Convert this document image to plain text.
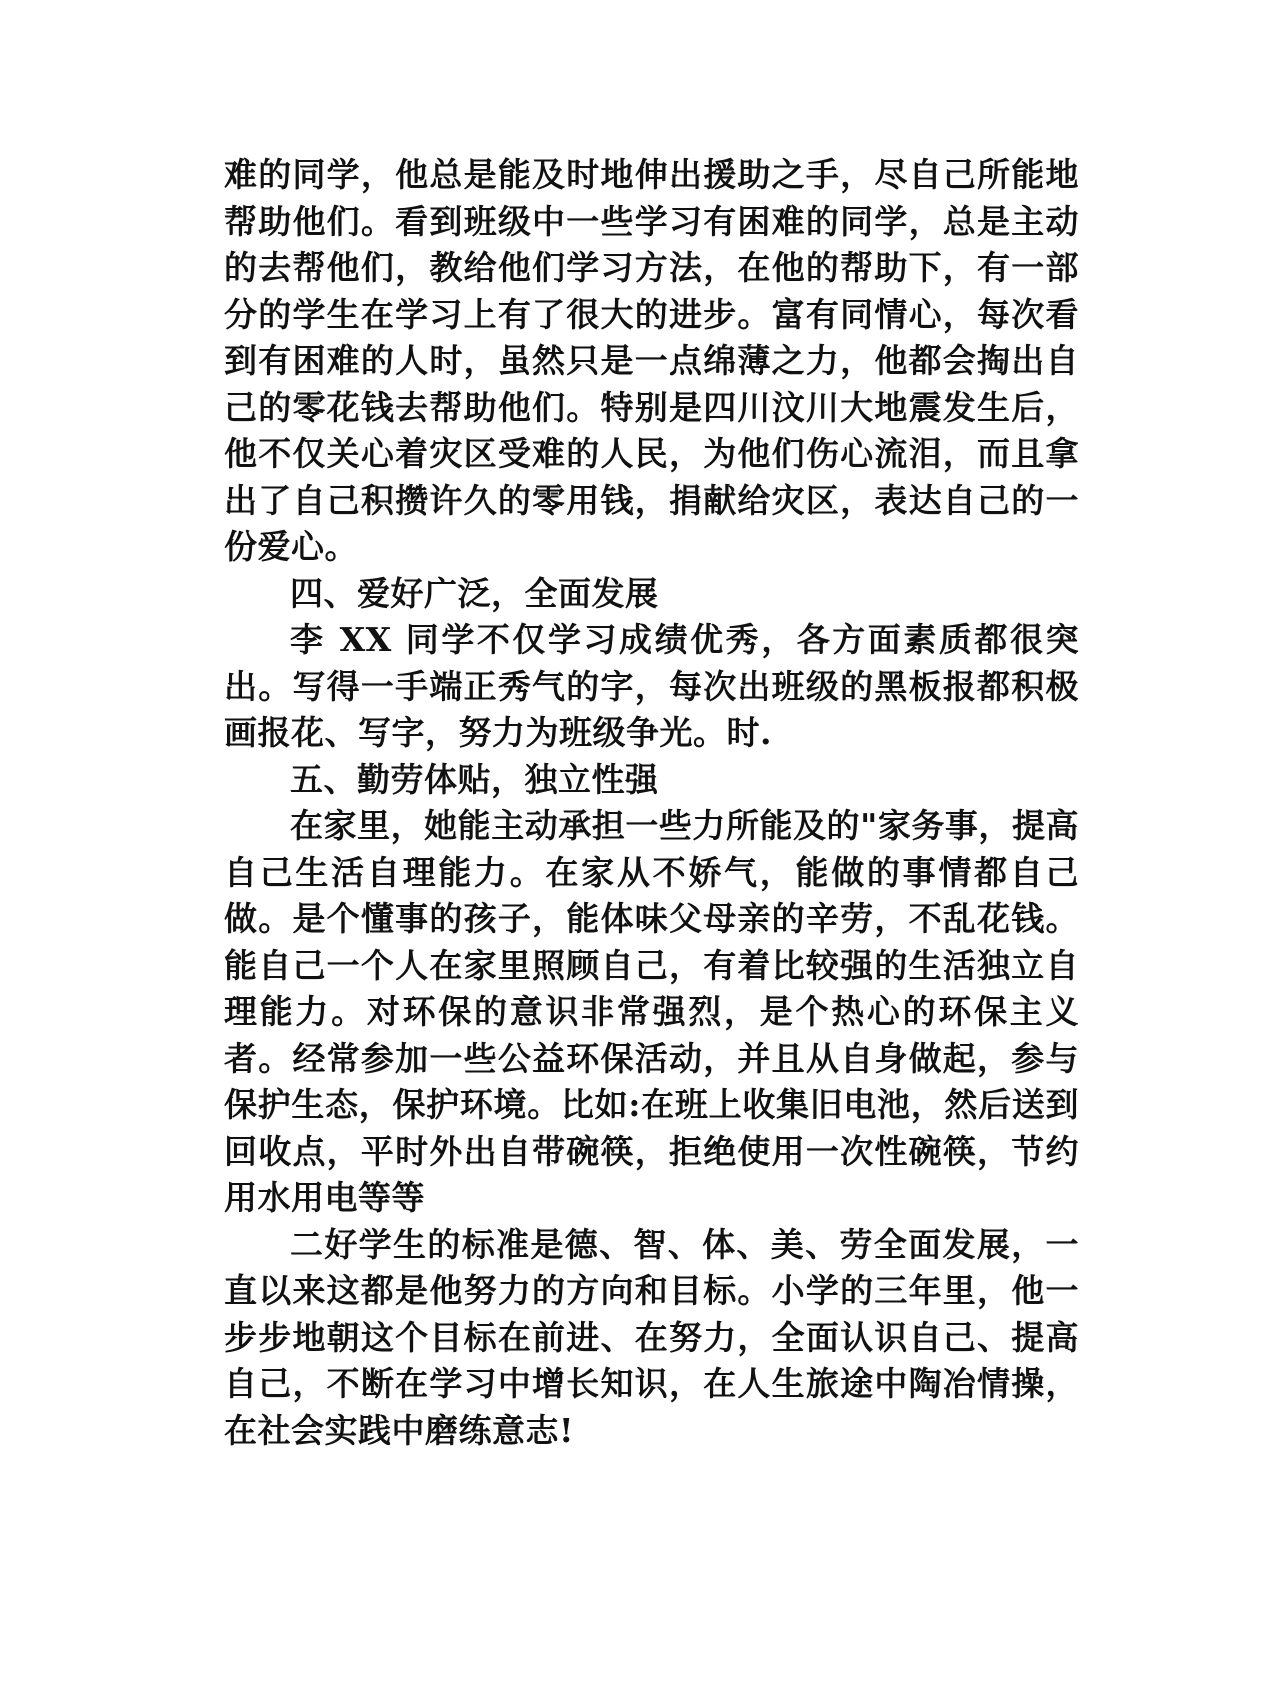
难的同学，他总是能及时地伸出援助之手，尽自己所能地帮助他们。看到班级中一些学习有困难的同学，总是主动的去帮他们，教给他们学习方法，在他的帮助下，有一部分的学生在学习上有了很大的进步。富有同情心，每次看到有困难的人时，虽然只是一点绵薄之力，他都会掏出自己的零花钱去帮助他们。特别是四川汶川大地震发生后，他不仅关心着灾区受难的人民，为他们伤心流泪，而且拿出了自己积攒许久的零用钱，捐献给灾区，表达自己的一份爱心。

四、爱好广泛，全面发展

李 XX 同学不仅学习成绩优秀，各方面素质都很突出。写得一手端正秀气的字，每次出班级的黑板报都积极画报花、写字，努力为班级争光。时.

五、勤劳体贴，独立性强

在家里，她能主动承担一些力所能及的"家务事，提高自己生活自理能力。在家从不娇气，能做的事情都自己做。是个懂事的孩子，能体味父母亲的辛劳，不乱花钱。能自己一个人在家里照顾自己，有着比较强的生活独立自理能力。对环保的意识非常强烈，是个热心的环保主义者。经常参加一些公益环保活动，并且从自身做起，参与保护生态，保护环境。比如:在班上收集旧电池，然后送到回收点，平时外出自带碗筷，拒绝使用一次性碗筷，节约用水用电等等

二好学生的标准是德、智、体、美、劳全面发展，一直以来这都是他努力的方向和目标。小学的三年里，他一步步地朝这个目标在前进、在努力，全面认识自己、提高自己，不断在学习中增长知识，在人生旅途中陶冶情操，在社会实践中磨练意志!
